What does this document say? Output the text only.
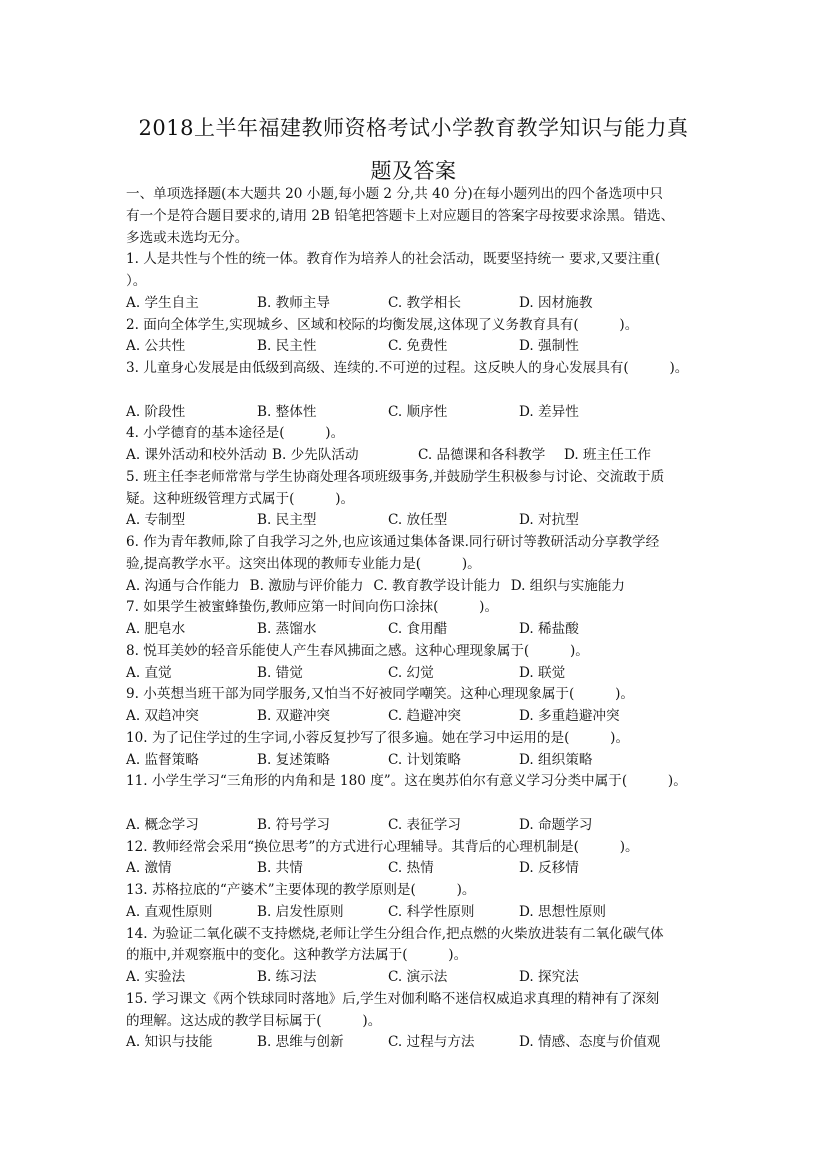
2018上半年福建教师资格考试小学教育教学知识与能力真
题及答案
一、单项选择题(本大题共 20 小题,每小题 2 分,共 40 分)在每小题列出的四个备选项中只
有一个是符合题目要求的,请用 2B 铅笔把答题卡上对应题目的答案字母按要求涂黑。错选、
多选或未选均无分。
1. 人是共性与个性的统一体。教育作为培养人的社会活动，既要坚持统一 要求,又要注重(
）。
A. 学生自主	B. 教师主导	C. 教学相长	D. 因材施教
2. 面向全体学生,实现城乡、区域和校际的均衡发展,这体现了义务教育具有(　　　)。
A. 公共性	B. 民主性	C. 免费性	D. 强制性
3. 儿童身心发展是由低级到高级、连续的.不可逆的过程。这反映人的身心发展具有(　　　)。
A. 阶段性	B. 整体性	C. 顺序性	D. 差异性
4. 小学德育的基本途径是(　　　)。
A. 课外活动和校外活动 B. 少先队活动	C. 品德课和各科教学	D. 班主任工作
5. 班主任李老师常常与学生协商处理各项班级事务,并鼓励学生积极参与讨论、交流敢于质
疑。这种班级管理方式属于(　　　)。
A. 专制型	B. 民主型	C. 放任型	D. 对抗型
6. 作为青年教师,除了自我学习之外,也应该通过集体备课.同行研讨等教研活动分享教学经
验,提高教学水平。这突出体现的教师专业能力是(　　　)。
A. 沟通与合作能力 B. 激励与评价能力 C. 教育教学设计能力 D. 组织与实施能力
7. 如果学生被蜜蜂蛰伤,教师应第一时间向伤口涂抹(　　　)。
A. 肥皂水	B. 蒸馏水	C. 食用醋	D. 稀盐酸
8. 悦耳美妙的轻音乐能使人产生春风拂面之感。这种心理现象属于(　　　)。
A. 直觉	B. 错觉	C. 幻觉	D. 联觉
9. 小英想当班干部为同学服务,又怕当不好被同学嘲笑。这种心理现象属于(　　　)。
A. 双趋冲突	B. 双避冲突	C. 趋避冲突	D. 多重趋避冲突
10. 为了记住学过的生字词,小蓉反复抄写了很多遍。她在学习中运用的是(　　　)。
A. 监督策略	B. 复述策略	C. 计划策略	D. 组织策略
11. 小学生学习“三角形的内角和是 180 度”。这在奥苏伯尔有意义学习分类中属于(　　　)。
A. 概念学习	B. 符号学习	C. 表征学习	D. 命题学习
12. 教师经常会采用“换位思考”的方式进行心理辅导。其背后的心理机制是(　　　)。
A. 激情	B. 共情	C. 热情	D. 反移情
13. 苏格拉底的“产婆术”主要体现的教学原则是(　　　)。
A. 直观性原则	B. 启发性原则	C. 科学性原则	D. 思想性原则
14. 为验证二氧化碳不支持燃烧,老师让学生分组合作,把点燃的火柴放进装有二氧化碳气体
的瓶中,并观察瓶中的变化。这种教学方法属于(　　　)。
A. 实验法	B. 练习法	C. 演示法	D. 探究法
15. 学习课文《两个铁球同时落地》后,学生对伽利略不迷信权威追求真理的精神有了深刻
的理解。这达成的教学目标属于(　　　)。
A. 知识与技能	B. 思维与创新	C. 过程与方法	D. 情感、态度与价值观
